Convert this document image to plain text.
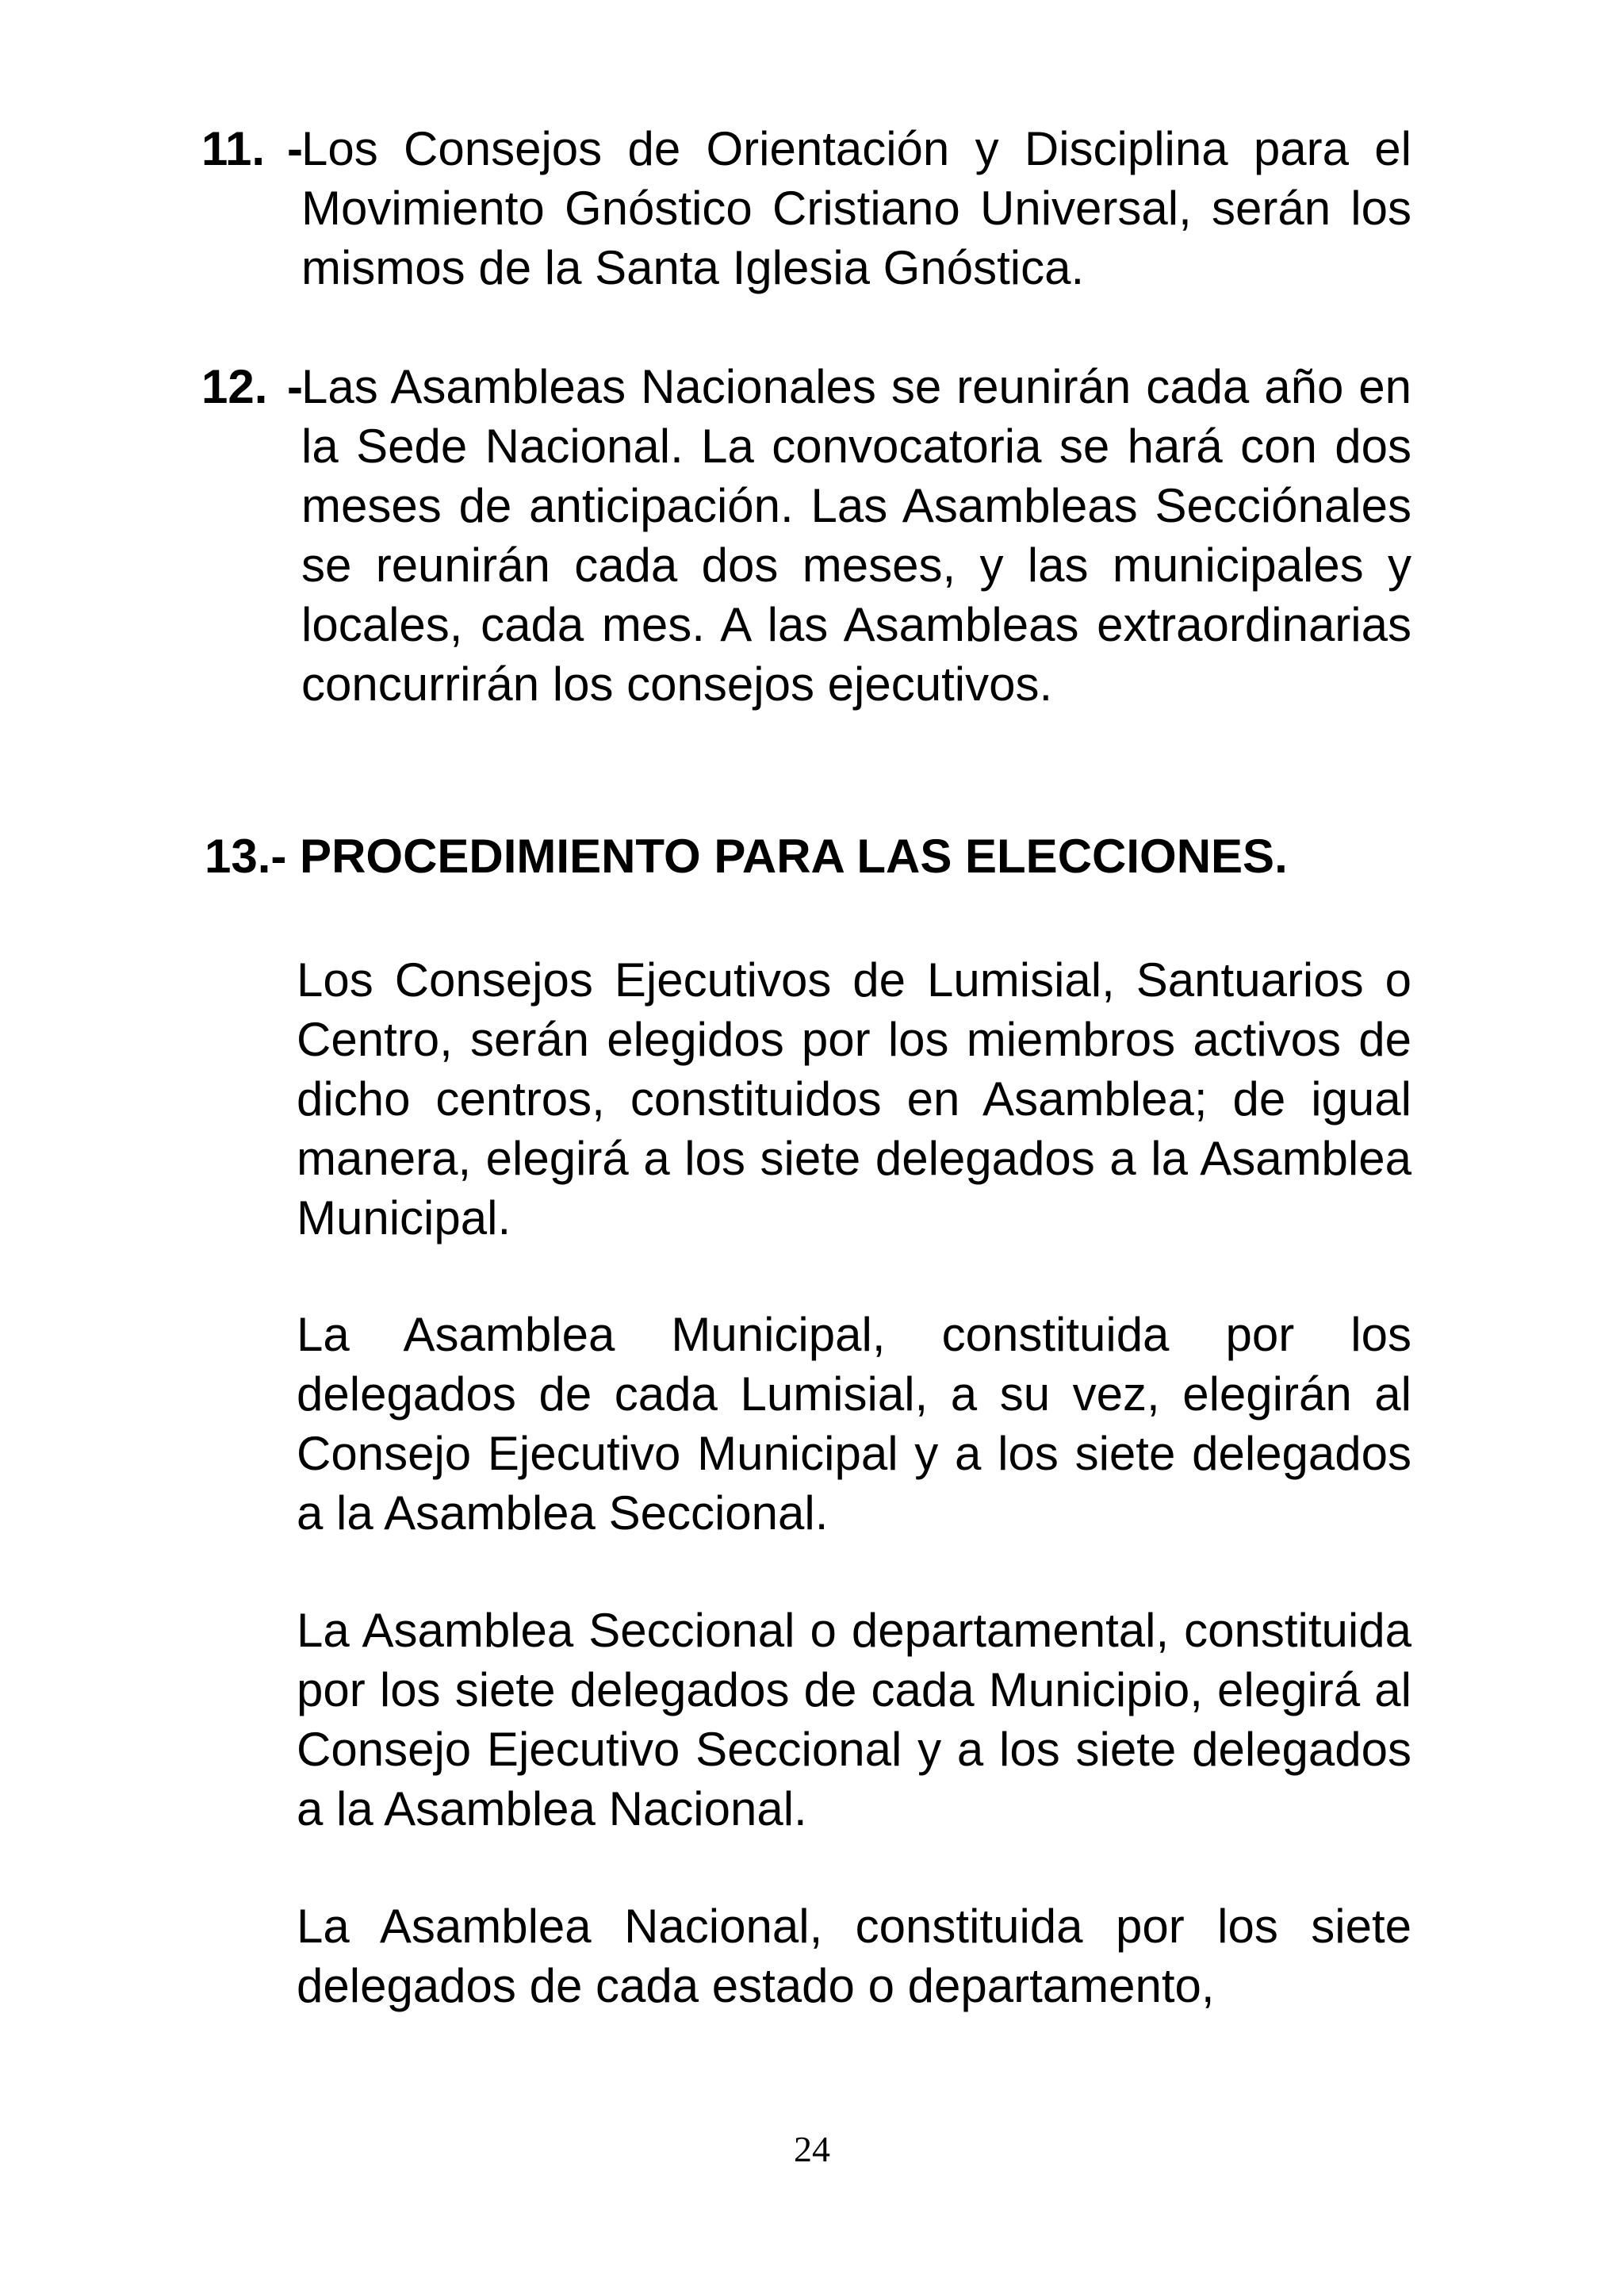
11. -
Los Consejos de Orientación y Disciplina para el Movimiento Gnóstico Cristiano Universal, serán los mismos de la Santa Iglesia Gnóstica.
12. -
Las Asambleas Nacionales se reunirán cada año en la Sede Nacional. La convocatoria se hará con dos meses de anticipación. Las Asambleas Secciónales se reunirán cada dos meses, y las municipales y locales, cada mes. A las Asambleas extraordinarias concurrirán los consejos ejecutivos.
13.- PROCEDIMIENTO PARA LAS ELECCIONES.
Los Consejos Ejecutivos de Lumisial, Santuarios o Centro, serán elegidos por los miembros activos de dicho centros, constituidos en Asamblea; de igual manera, elegirá a los siete delegados a la Asamblea Municipal.
La Asamblea Municipal, constituida por los delegados de cada Lumisial, a su vez, elegirán al Consejo Ejecutivo Municipal y a los siete delegados a la Asamblea Seccional.
La Asamblea Seccional o departamental, constituida por los siete delegados de cada Municipio, elegirá al Consejo Ejecutivo Seccional y a los siete delegados a la Asamblea Nacional.
La Asamblea Nacional, constituida por los siete delegados de cada estado o departamento,
24
